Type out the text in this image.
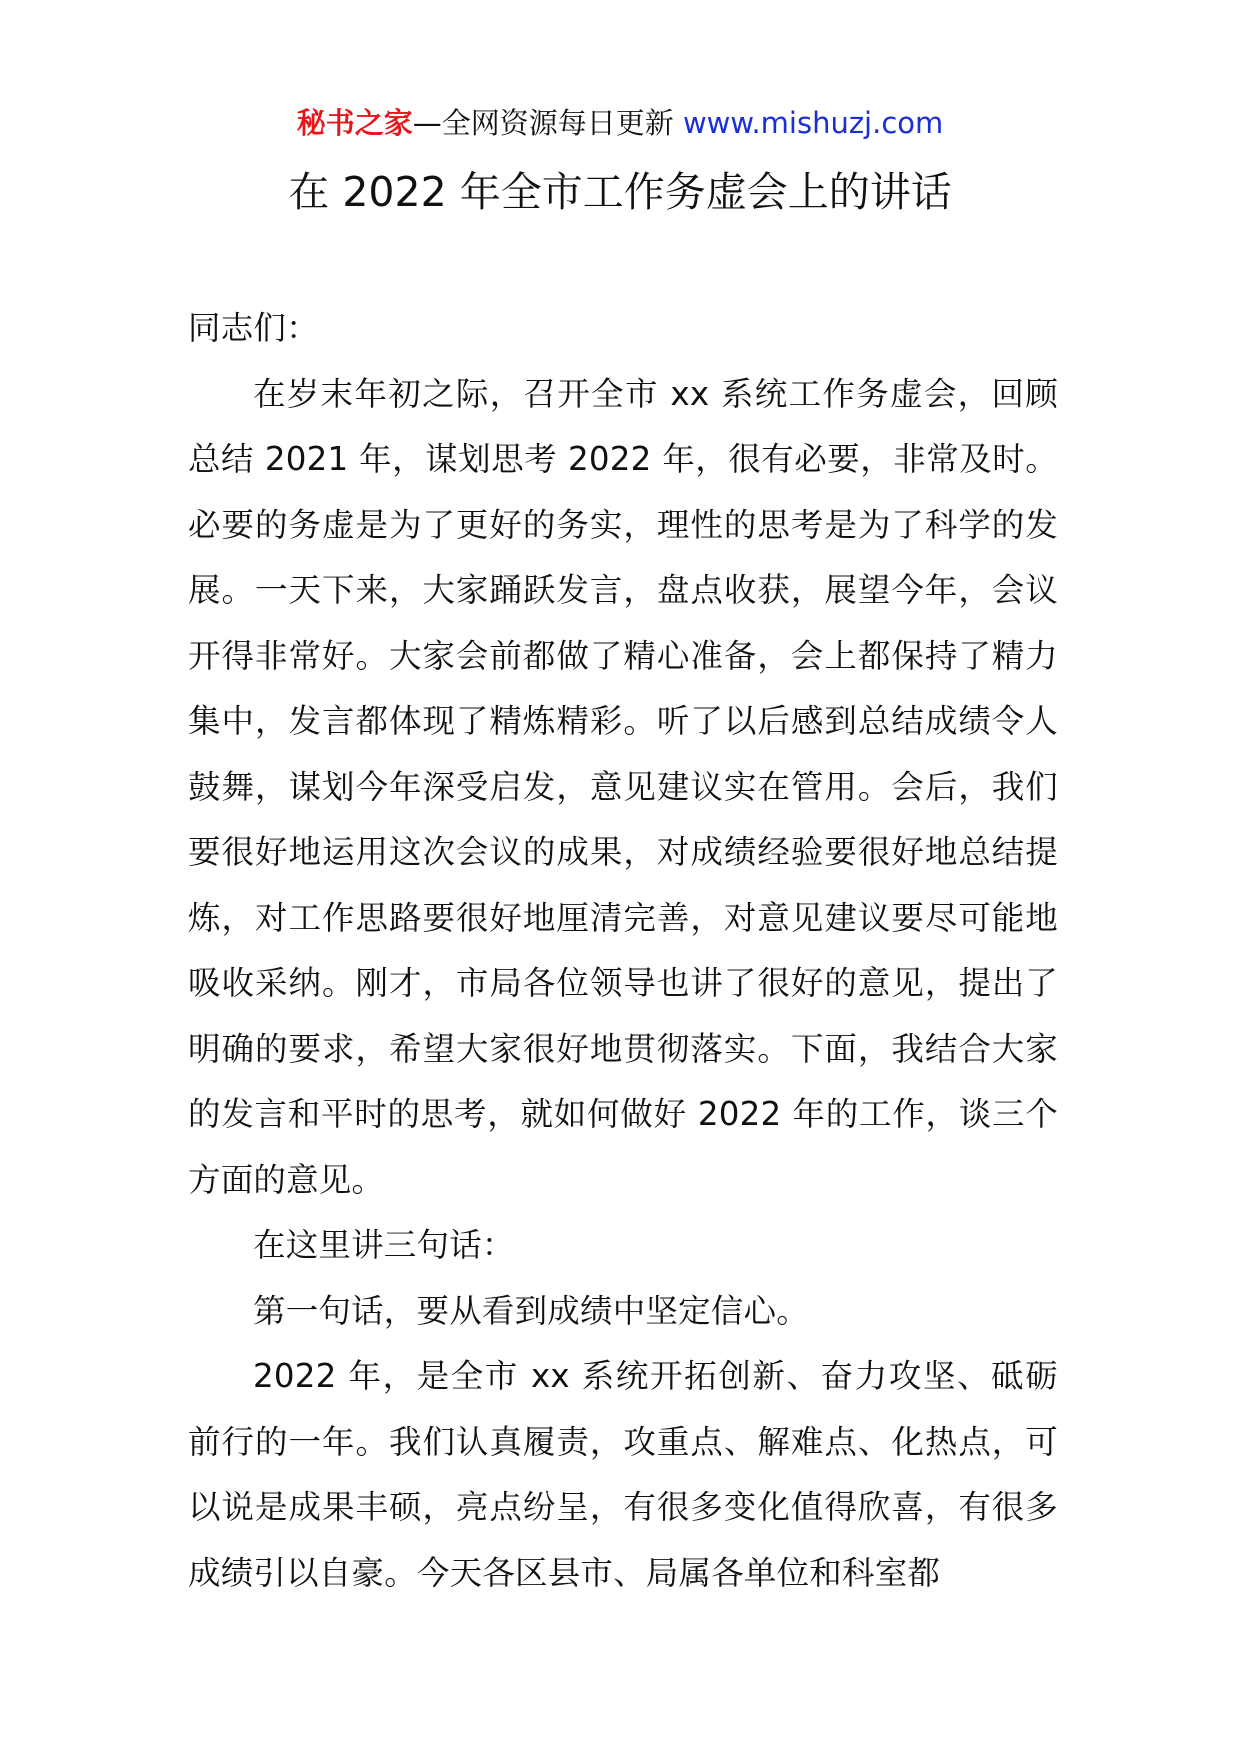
秘书之家—全网资源每日更新 www.mishuzj.com
在 2022 年全市工作务虚会上的讲话

同志们：

在岁末年初之际，召开全市 xx 系统工作务虚会，回顾总结 2021 年，谋划思考 2022 年，很有必要，非常及时。必要的务虚是为了更好的务实，理性的思考是为了科学的发展。一天下来，大家踊跃发言，盘点收获，展望今年，会议开得非常好。大家会前都做了精心准备，会上都保持了精力集中，发言都体现了精炼精彩。听了以后感到总结成绩令人鼓舞，谋划今年深受启发，意见建议实在管用。会后，我们要很好地运用这次会议的成果，对成绩经验要很好地总结提炼，对工作思路要很好地厘清完善，对意见建议要尽可能地吸收采纳。刚才，市局各位领导也讲了很好的意见，提出了明确的要求，希望大家很好地贯彻落实。下面，我结合大家的发言和平时的思考，就如何做好 2022 年的工作，谈三个方面的意见。

在这里讲三句话：

第一句话，要从看到成绩中坚定信心。

2022 年，是全市 xx 系统开拓创新、奋力攻坚、砥砺前行的一年。我们认真履责，攻重点、解难点、化热点，可以说是成果丰硕，亮点纷呈，有很多变化值得欣喜，有很多成绩引以自豪。今天各区县市、局属各单位和科室都
